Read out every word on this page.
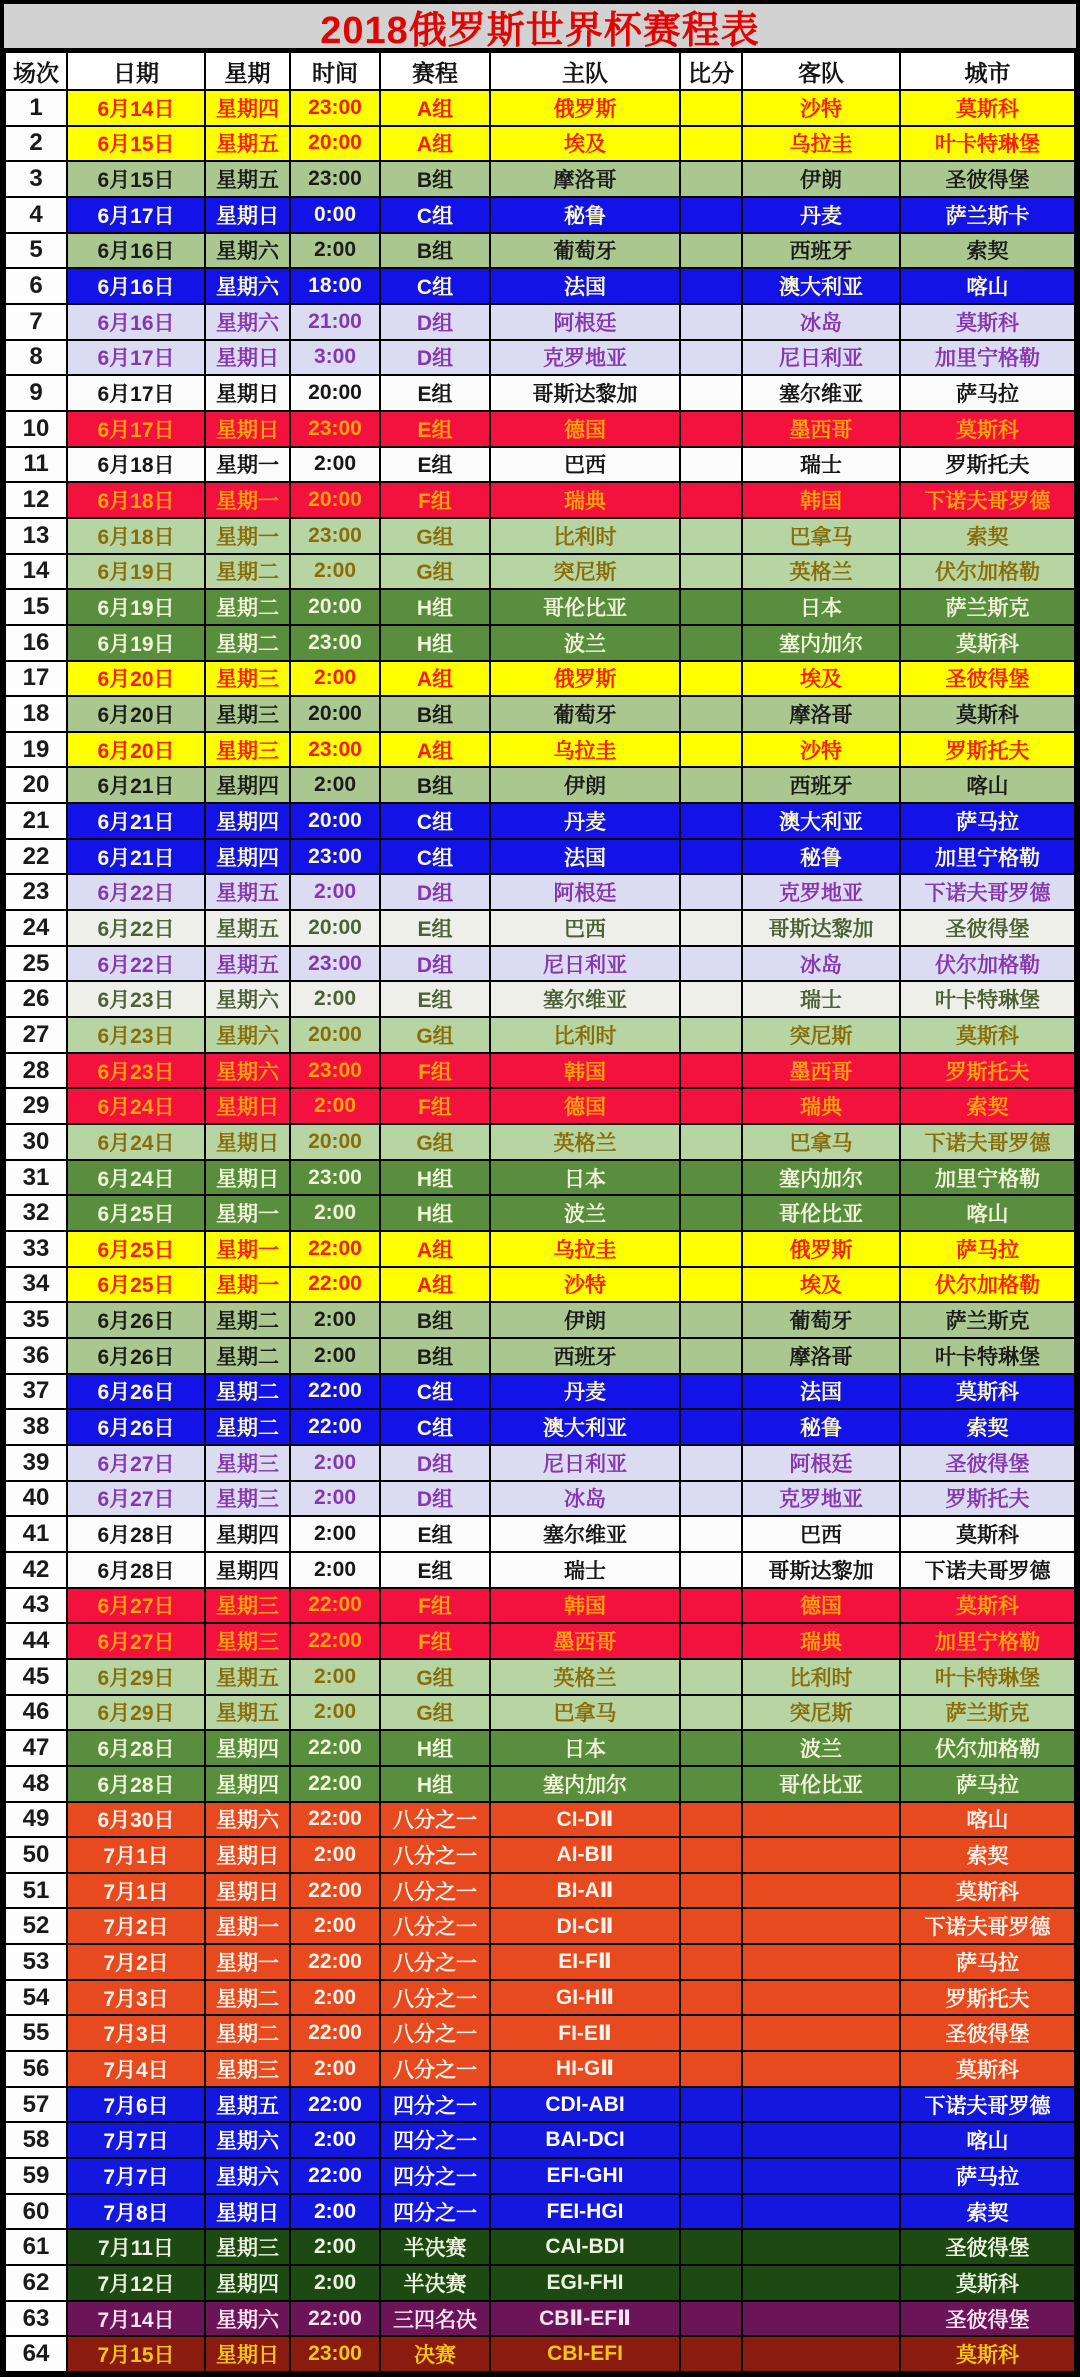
2018俄罗斯世界杯赛程表
场次	日期	星期	时间	赛程	主队	比分	客队	城市
1	6月14日	星期四	23:00	A组	俄罗斯		沙特	莫斯科
2	6月15日	星期五	20:00	A组	埃及		乌拉圭	叶卡特琳堡
3	6月15日	星期五	23:00	B组	摩洛哥		伊朗	圣彼得堡
4	6月17日	星期日	0:00	C组	秘鲁		丹麦	萨兰斯卡
5	6月16日	星期六	2:00	B组	葡萄牙		西班牙	索契
6	6月16日	星期六	18:00	C组	法国		澳大利亚	喀山
7	6月16日	星期六	21:00	D组	阿根廷		冰岛	莫斯科
8	6月17日	星期日	3:00	D组	克罗地亚		尼日利亚	加里宁格勒
9	6月17日	星期日	20:00	E组	哥斯达黎加		塞尔维亚	萨马拉
10	6月17日	星期日	23:00	E组	德国		墨西哥	莫斯科
11	6月18日	星期一	2:00	E组	巴西		瑞士	罗斯托夫
12	6月18日	星期一	20:00	F组	瑞典		韩国	下诺夫哥罗德
13	6月18日	星期一	23:00	G组	比利时		巴拿马	索契
14	6月19日	星期二	2:00	G组	突尼斯		英格兰	伏尔加格勒
15	6月19日	星期二	20:00	H组	哥伦比亚		日本	萨兰斯克
16	6月19日	星期二	23:00	H组	波兰		塞内加尔	莫斯科
17	6月20日	星期三	2:00	A组	俄罗斯		埃及	圣彼得堡
18	6月20日	星期三	20:00	B组	葡萄牙		摩洛哥	莫斯科
19	6月20日	星期三	23:00	A组	乌拉圭		沙特	罗斯托夫
20	6月21日	星期四	2:00	B组	伊朗		西班牙	喀山
21	6月21日	星期四	20:00	C组	丹麦		澳大利亚	萨马拉
22	6月21日	星期四	23:00	C组	法国		秘鲁	加里宁格勒
23	6月22日	星期五	2:00	D组	阿根廷		克罗地亚	下诺夫哥罗德
24	6月22日	星期五	20:00	E组	巴西		哥斯达黎加	圣彼得堡
25	6月22日	星期五	23:00	D组	尼日利亚		冰岛	伏尔加格勒
26	6月23日	星期六	2:00	E组	塞尔维亚		瑞士	叶卡特琳堡
27	6月23日	星期六	20:00	G组	比利时		突尼斯	莫斯科
28	6月23日	星期六	23:00	F组	韩国		墨西哥	罗斯托夫
29	6月24日	星期日	2:00	F组	德国		瑞典	索契
30	6月24日	星期日	20:00	G组	英格兰		巴拿马	下诺夫哥罗德
31	6月24日	星期日	23:00	H组	日本		塞内加尔	加里宁格勒
32	6月25日	星期一	2:00	H组	波兰		哥伦比亚	喀山
33	6月25日	星期一	22:00	A组	乌拉圭		俄罗斯	萨马拉
34	6月25日	星期一	22:00	A组	沙特		埃及	伏尔加格勒
35	6月26日	星期二	2:00	B组	伊朗		葡萄牙	萨兰斯克
36	6月26日	星期二	2:00	B组	西班牙		摩洛哥	叶卡特琳堡
37	6月26日	星期二	22:00	C组	丹麦		法国	莫斯科
38	6月26日	星期二	22:00	C组	澳大利亚		秘鲁	索契
39	6月27日	星期三	2:00	D组	尼日利亚		阿根廷	圣彼得堡
40	6月27日	星期三	2:00	D组	冰岛		克罗地亚	罗斯托夫
41	6月28日	星期四	2:00	E组	塞尔维亚		巴西	莫斯科
42	6月28日	星期四	2:00	E组	瑞士		哥斯达黎加	下诺夫哥罗德
43	6月27日	星期三	22:00	F组	韩国		德国	莫斯科
44	6月27日	星期三	22:00	F组	墨西哥		瑞典	加里宁格勒
45	6月29日	星期五	2:00	G组	英格兰		比利时	叶卡特琳堡
46	6月29日	星期五	2:00	G组	巴拿马		突尼斯	萨兰斯克
47	6月28日	星期四	22:00	H组	日本		波兰	伏尔加格勒
48	6月28日	星期四	22:00	H组	塞内加尔		哥伦比亚	萨马拉
49	6月30日	星期六	22:00	八分之一	CI-DⅡ			喀山
50	7月1日	星期日	2:00	八分之一	AI-BⅡ			索契
51	7月1日	星期日	22:00	八分之一	BI-AⅡ			莫斯科
52	7月2日	星期一	2:00	八分之一	DI-CⅡ			下诺夫哥罗德
53	7月2日	星期一	22:00	八分之一	EI-FⅡ			萨马拉
54	7月3日	星期二	2:00	八分之一	GI-HⅡ			罗斯托夫
55	7月3日	星期二	22:00	八分之一	FI-EⅡ			圣彼得堡
56	7月4日	星期三	2:00	八分之一	HI-GⅡ			莫斯科
57	7月6日	星期五	22:00	四分之一	CDI-ABI			下诺夫哥罗德
58	7月7日	星期六	2:00	四分之一	BAI-DCI			喀山
59	7月7日	星期六	22:00	四分之一	EFI-GHI			萨马拉
60	7月8日	星期日	2:00	四分之一	FEI-HGI			索契
61	7月11日	星期三	2:00	半决赛	CAI-BDI			圣彼得堡
62	7月12日	星期四	2:00	半决赛	EGI-FHI			莫斯科
63	7月14日	星期六	22:00	三四名决	CBⅡ-EFⅡ			圣彼得堡
64	7月15日	星期日	23:00	决赛	CBI-EFI			莫斯科
